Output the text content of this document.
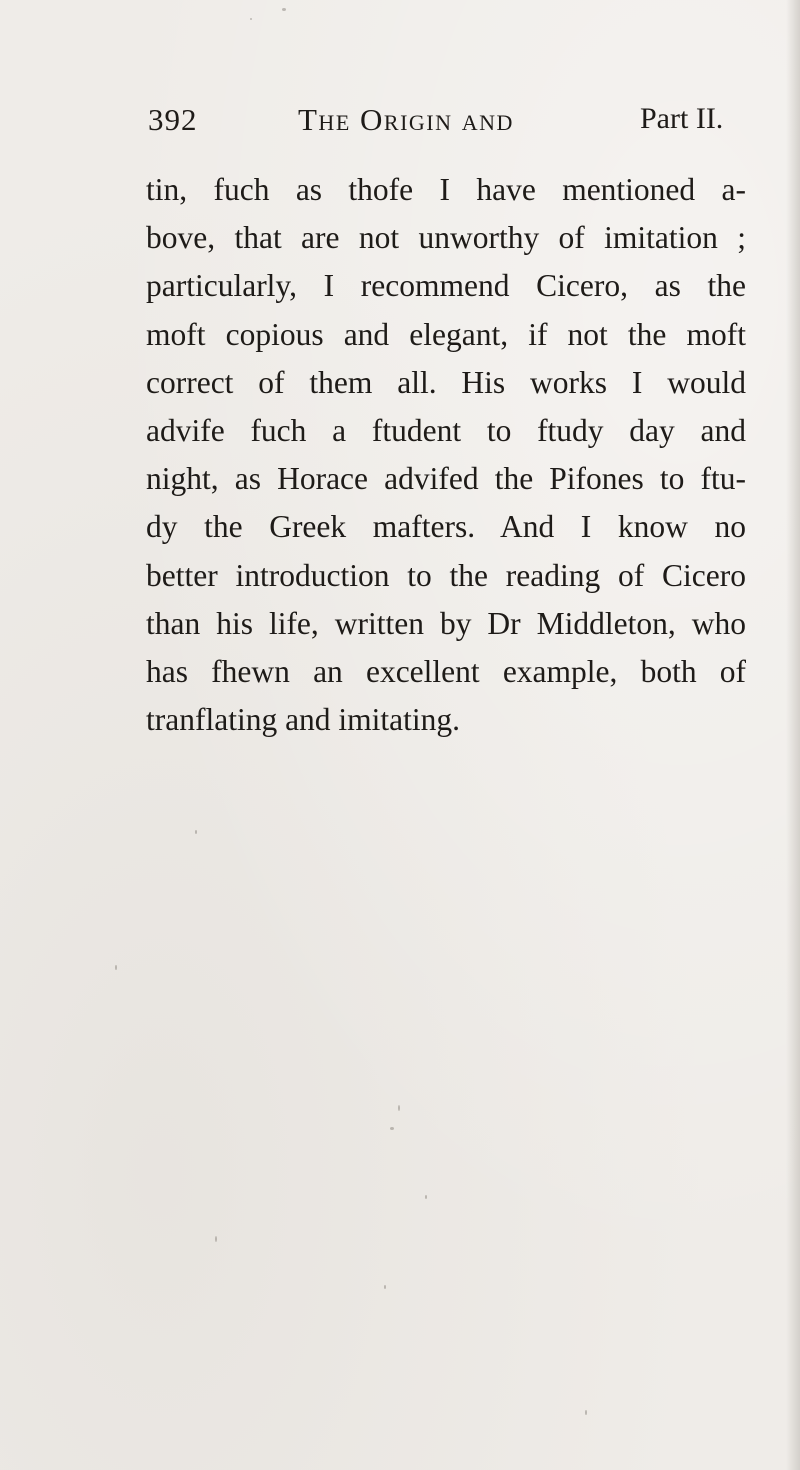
392	The Origin and	Part II.
tin, fuch as thofe I have mentioned a-
bove, that are not unworthy of imitation ;
particularly, I recommend Cicero, as the
moft copious and elegant, if not the moft
correct of them all. His works I would
advife fuch a ftudent to ftudy day and
night, as Horace advifed the Pifones to ftu-
dy the Greek mafters. And I know no
better introduction to the reading of Cicero
than his life, written by Dr Middleton, who
has fhewn an excellent example, both of
tranflating and imitating.
